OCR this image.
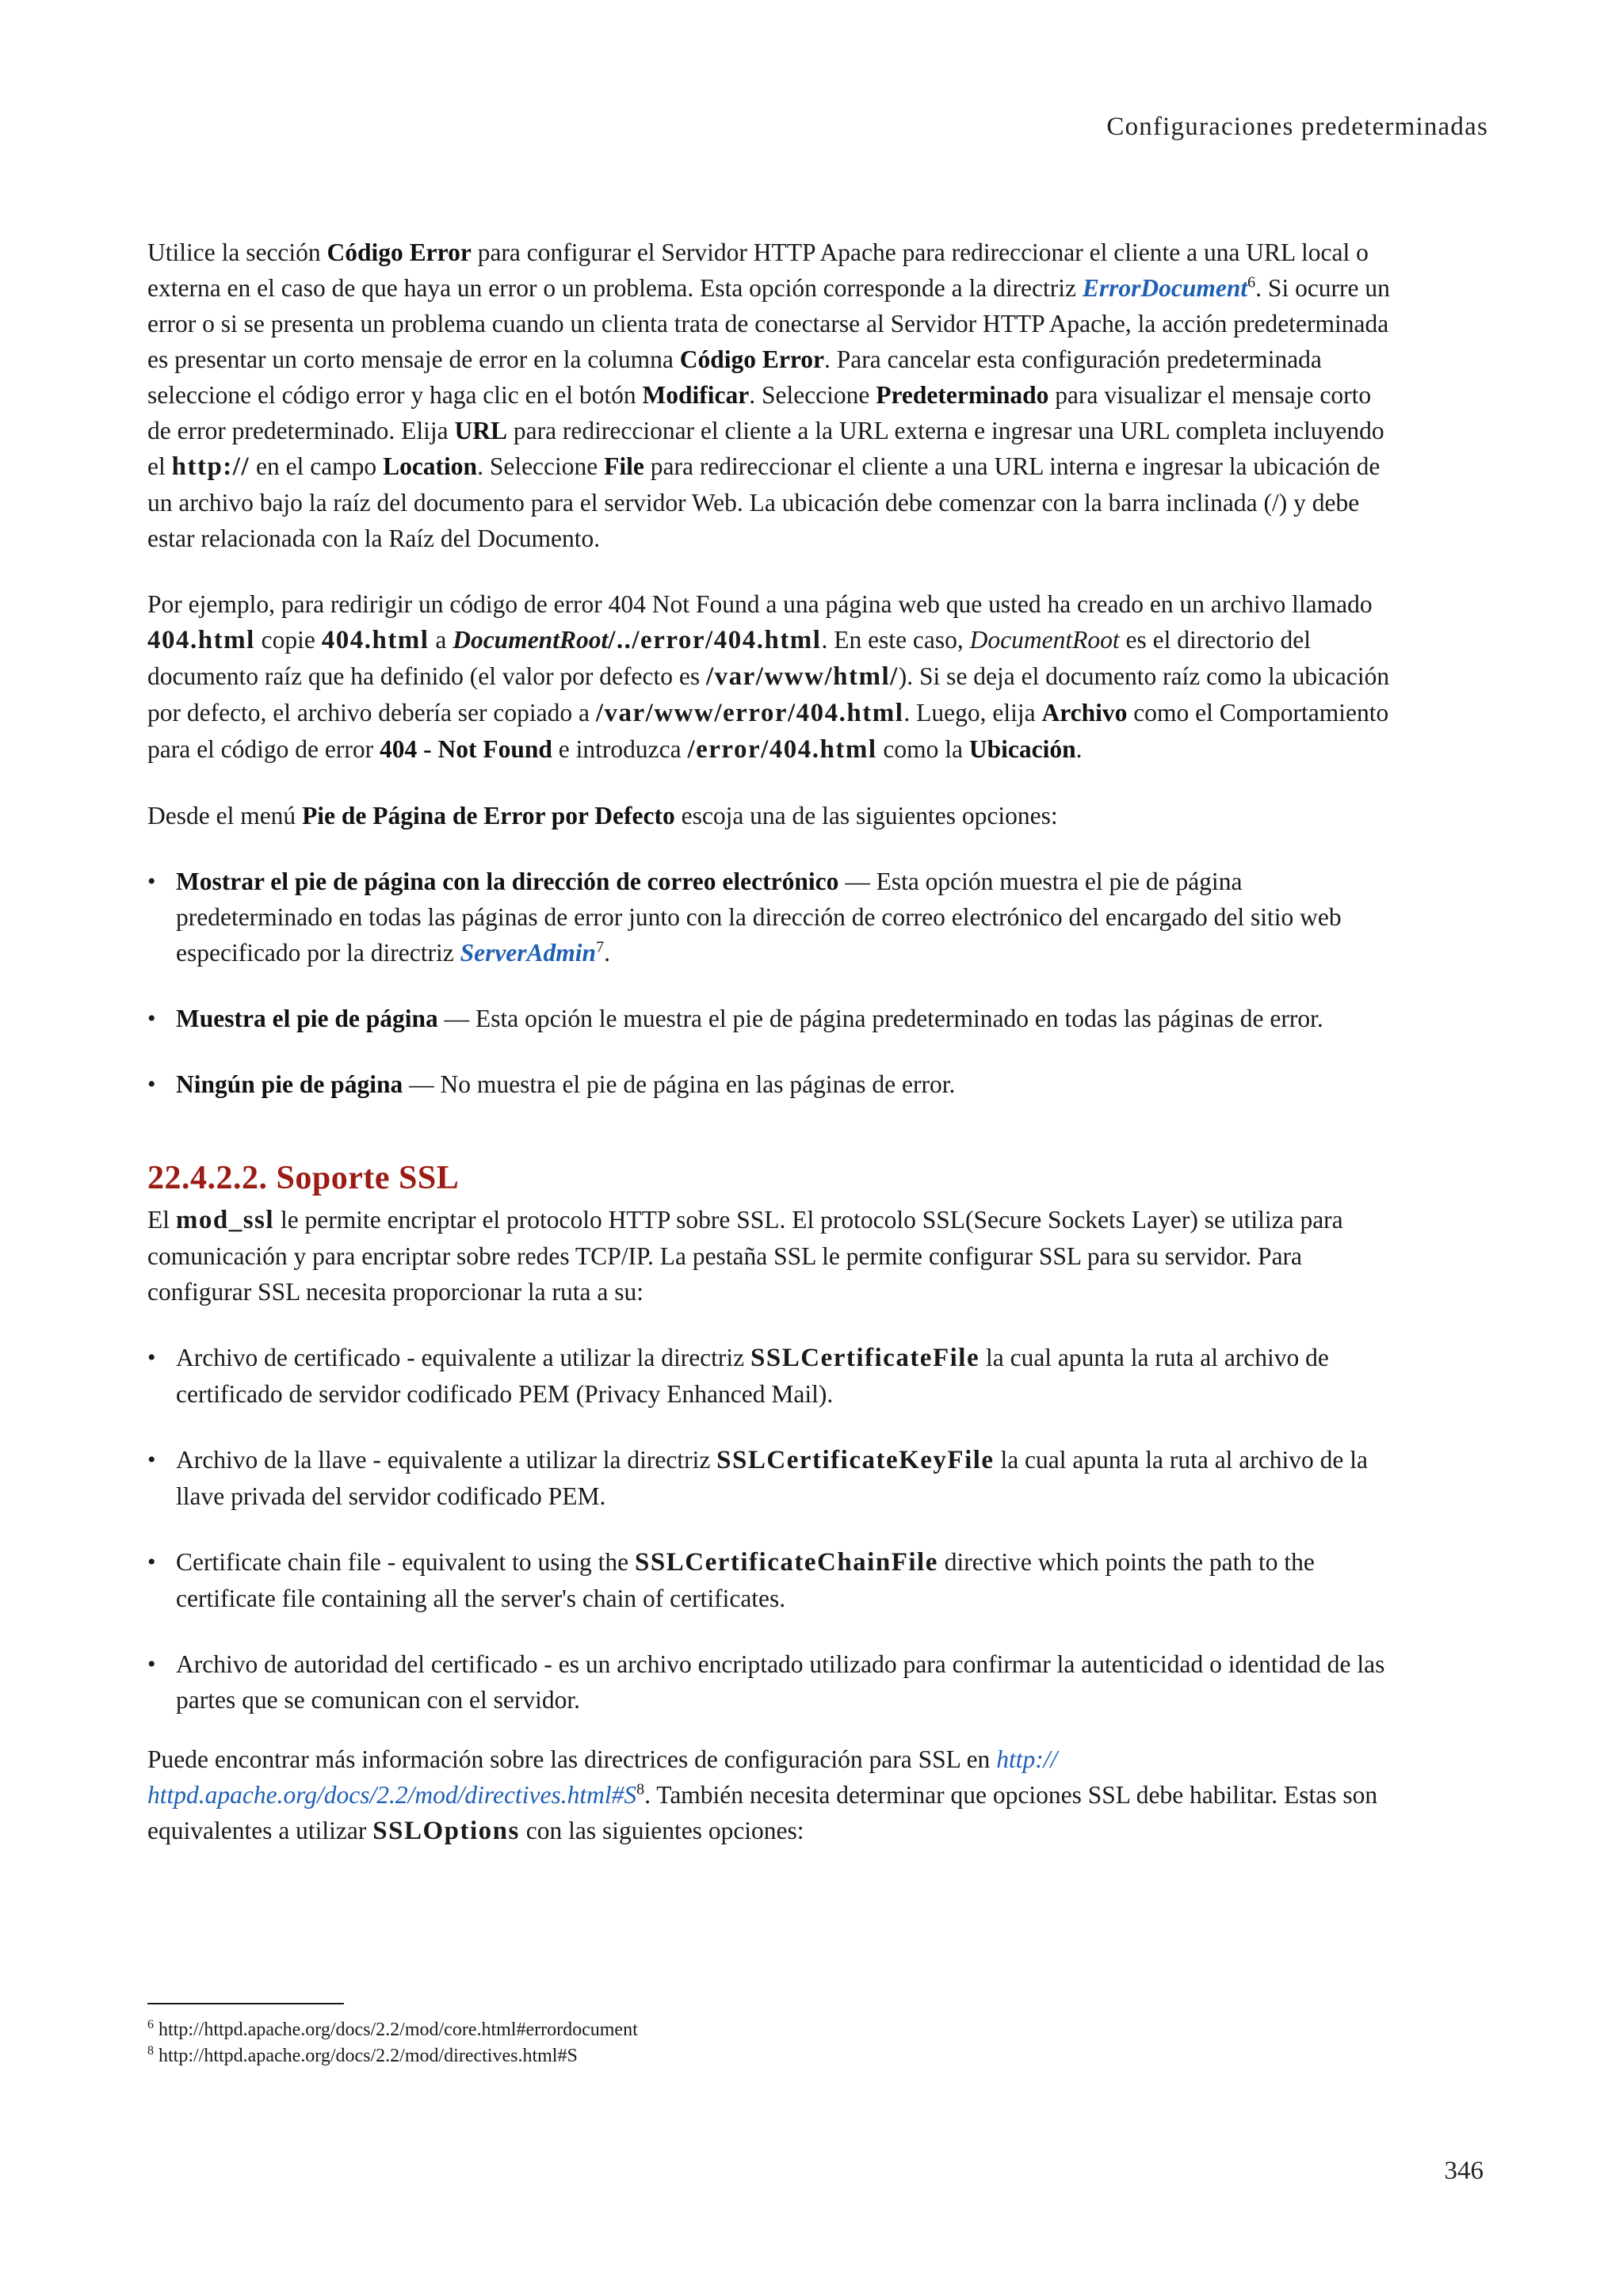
Configuraciones predeterminadas

Utilice la sección Código Error para configurar el Servidor HTTP Apache para redireccionar el cliente a una URL local o externa en el caso de que haya un error o un problema. Esta opción corresponde a la directriz ErrorDocument$^6$. Si ocurre un error o si se presenta un problema cuando un clienta trata de conectarse al Servidor HTTP Apache, la acción predeterminada es presentar un corto mensaje de error en la columna Código Error. Para cancelar esta configuración predeterminada seleccione el código error y haga clic en el botón Modificar. Seleccione Predeterminado para visualizar el mensaje corto de error predeterminado. Elija URL para redireccionar el cliente a la URL externa e ingresar una URL completa incluyendo el http:// en el campo Location. Seleccione File para redireccionar el cliente a una URL interna e ingresar la ubicación de un archivo bajo la raíz del documento para el servidor Web. La ubicación debe comenzar con la barra inclinada (/) y debe estar relacionada con la Raíz del Documento.

Por ejemplo, para redirigir un código de error 404 Not Found a una página web que usted ha creado en un archivo llamado 404.html copie 404.html a DocumentRoot/../error/404.html. En este caso, DocumentRoot es el directorio del documento raíz que ha definido (el valor por defecto es /var/www/html/). Si se deja el documento raíz como la ubicación por defecto, el archivo debería ser copiado a /var/www/error/404.html. Luego, elija Archivo como el Comportamiento para el código de error 404 - Not Found e introduzca /error/404.html como la Ubicación.

Desde el menú Pie de Página de Error por Defecto escoja una de las siguientes opciones:

• Mostrar el pie de página con la dirección de correo electrónico — Esta opción muestra el pie de página predeterminado en todas las páginas de error junto con la dirección de correo electrónico del encargado del sitio web especificado por la directriz ServerAdmin$^7$.
• Muestra el pie de página — Esta opción le muestra el pie de página predeterminado en todas las páginas de error.
• Ningún pie de página — No muestra el pie de página en las páginas de error.
22.4.2.2. Soporte SSL

El mod_ssl le permite encriptar el protocolo HTTP sobre SSL. El protocolo SSL(Secure Sockets Layer) se utiliza para comunicación y para encriptar sobre redes TCP/IP. La pestaña SSL le permite configurar SSL para su servidor. Para configurar SSL necesita proporcionar la ruta a su:

• Archivo de certificado - equivalente a utilizar la directriz SSLCertificateFile la cual apunta la ruta al archivo de certificado de servidor codificado PEM (Privacy Enhanced Mail).
• Archivo de la llave - equivalente a utilizar la directriz SSLCertificateKeyFile la cual apunta la ruta al archivo de la llave privada del servidor codificado PEM.
• Certificate chain file - equivalent to using the SSLCertificateChainFile directive which points the path to the certificate file containing all the server's chain of certificates.
• Archivo de autoridad del certificado - es un archivo encriptado utilizado para confirmar la autenticidad o identidad de las partes que se comunican con el servidor.

Puede encontrar más información sobre las directrices de configuración para SSL en http:// $httpd.apache.org/docs/2.2/mod/directives.html\#S^8$. También necesita determinar que opciones SSL debe habilitar. Estas son equivalentes a utilizar SSLOptions con las siguientes opciones:

$^6$ http://httpd.apache.org/docs/2.2/mod/core.html#errordocument
$^8$ http://httpd.apache.org/docs/2.2/mod/directives.html#S
346
